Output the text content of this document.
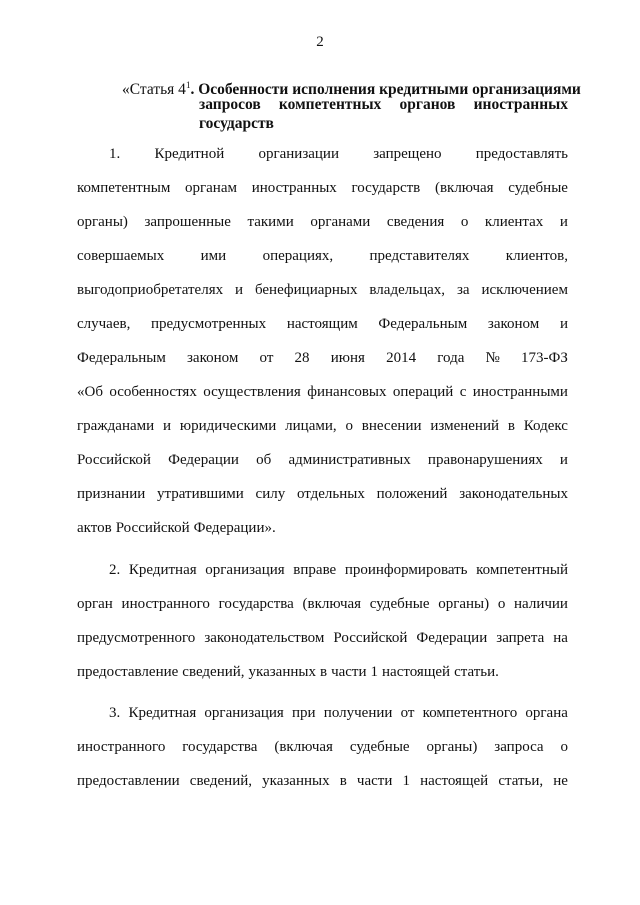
2
«Статья $4^1$. Особенности исполнения кредитными организациями
запросов компетентных органов иностранных
государств
1. Кредитной организации запрещено предоставлять
компетентным органам иностранных государств (включая судебные
органы) запрошенные такими органами сведения о клиентах и
совершаемых ими операциях, представителях клиентов,
выгодоприобретателях и бенефициарных владельцах, за исключением
случаев, предусмотренных настоящим Федеральным законом и
Федеральным законом от 28 июня 2014 года № 173-ФЗ
«Об особенностях осуществления финансовых операций с иностранными
гражданами и юридическими лицами, о внесении изменений в Кодекс
Российской Федерации об административных правонарушениях и
признании утратившими силу отдельных положений законодательных
актов Российской Федерации».
2. Кредитная организация вправе проинформировать компетентный
орган иностранного государства (включая судебные органы) о наличии
предусмотренного законодательством Российской Федерации запрета на
предоставление сведений, указанных в части 1 настоящей статьи.
3. Кредитная организация при получении от компетентного органа
иностранного государства (включая судебные органы) запроса о
предоставлении сведений, указанных в части 1 настоящей статьи, не
